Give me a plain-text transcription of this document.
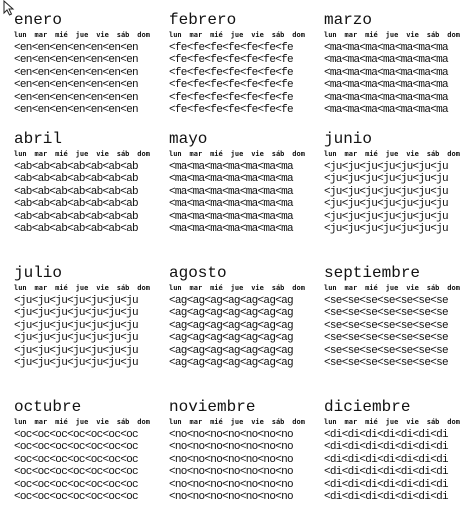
enero
lun mar mié jue vie sáb dom
<en<en<en<en<en<en<en
<en<en<en<en<en<en<en
<en<en<en<en<en<en<en
<en<en<en<en<en<en<en
<en<en<en<en<en<en<en
<en<en<en<en<en<en<en
febrero
lun mar mié jue vie sáb dom
<fe<fe<fe<fe<fe<fe<fe
<fe<fe<fe<fe<fe<fe<fe
<fe<fe<fe<fe<fe<fe<fe
<fe<fe<fe<fe<fe<fe<fe
<fe<fe<fe<fe<fe<fe<fe
<fe<fe<fe<fe<fe<fe<fe
marzo
lun mar mié jue vie sáb dom
<ma<ma<ma<ma<ma<ma<ma
<ma<ma<ma<ma<ma<ma<ma
<ma<ma<ma<ma<ma<ma<ma
<ma<ma<ma<ma<ma<ma<ma
<ma<ma<ma<ma<ma<ma<ma
<ma<ma<ma<ma<ma<ma<ma
abril
lun mar mié jue vie sáb dom
<ab<ab<ab<ab<ab<ab<ab
<ab<ab<ab<ab<ab<ab<ab
<ab<ab<ab<ab<ab<ab<ab
<ab<ab<ab<ab<ab<ab<ab
<ab<ab<ab<ab<ab<ab<ab
<ab<ab<ab<ab<ab<ab<ab
mayo
lun mar mié jue vie sáb dom
<ma<ma<ma<ma<ma<ma<ma
<ma<ma<ma<ma<ma<ma<ma
<ma<ma<ma<ma<ma<ma<ma
<ma<ma<ma<ma<ma<ma<ma
<ma<ma<ma<ma<ma<ma<ma
<ma<ma<ma<ma<ma<ma<ma
junio
lun mar mié jue vie sáb dom
<ju<ju<ju<ju<ju<ju<ju
<ju<ju<ju<ju<ju<ju<ju
<ju<ju<ju<ju<ju<ju<ju
<ju<ju<ju<ju<ju<ju<ju
<ju<ju<ju<ju<ju<ju<ju
<ju<ju<ju<ju<ju<ju<ju
julio
lun mar mié jue vie sáb dom
<ju<ju<ju<ju<ju<ju<ju
<ju<ju<ju<ju<ju<ju<ju
<ju<ju<ju<ju<ju<ju<ju
<ju<ju<ju<ju<ju<ju<ju
<ju<ju<ju<ju<ju<ju<ju
<ju<ju<ju<ju<ju<ju<ju
agosto
lun mar mié jue vie sáb dom
<ag<ag<ag<ag<ag<ag<ag
<ag<ag<ag<ag<ag<ag<ag
<ag<ag<ag<ag<ag<ag<ag
<ag<ag<ag<ag<ag<ag<ag
<ag<ag<ag<ag<ag<ag<ag
<ag<ag<ag<ag<ag<ag<ag
septiembre
lun mar mié jue vie sáb dom
<se<se<se<se<se<se<se
<se<se<se<se<se<se<se
<se<se<se<se<se<se<se
<se<se<se<se<se<se<se
<se<se<se<se<se<se<se
<se<se<se<se<se<se<se
octubre
lun mar mié jue vie sáb dom
<oc<oc<oc<oc<oc<oc<oc
<oc<oc<oc<oc<oc<oc<oc
<oc<oc<oc<oc<oc<oc<oc
<oc<oc<oc<oc<oc<oc<oc
<oc<oc<oc<oc<oc<oc<oc
<oc<oc<oc<oc<oc<oc<oc
noviembre
lun mar mié jue vie sáb dom
<no<no<no<no<no<no<no
<no<no<no<no<no<no<no
<no<no<no<no<no<no<no
<no<no<no<no<no<no<no
<no<no<no<no<no<no<no
<no<no<no<no<no<no<no
diciembre
lun mar mié jue vie sáb dom
<di<di<di<di<di<di<di
<di<di<di<di<di<di<di
<di<di<di<di<di<di<di
<di<di<di<di<di<di<di
<di<di<di<di<di<di<di
<di<di<di<di<di<di<di
